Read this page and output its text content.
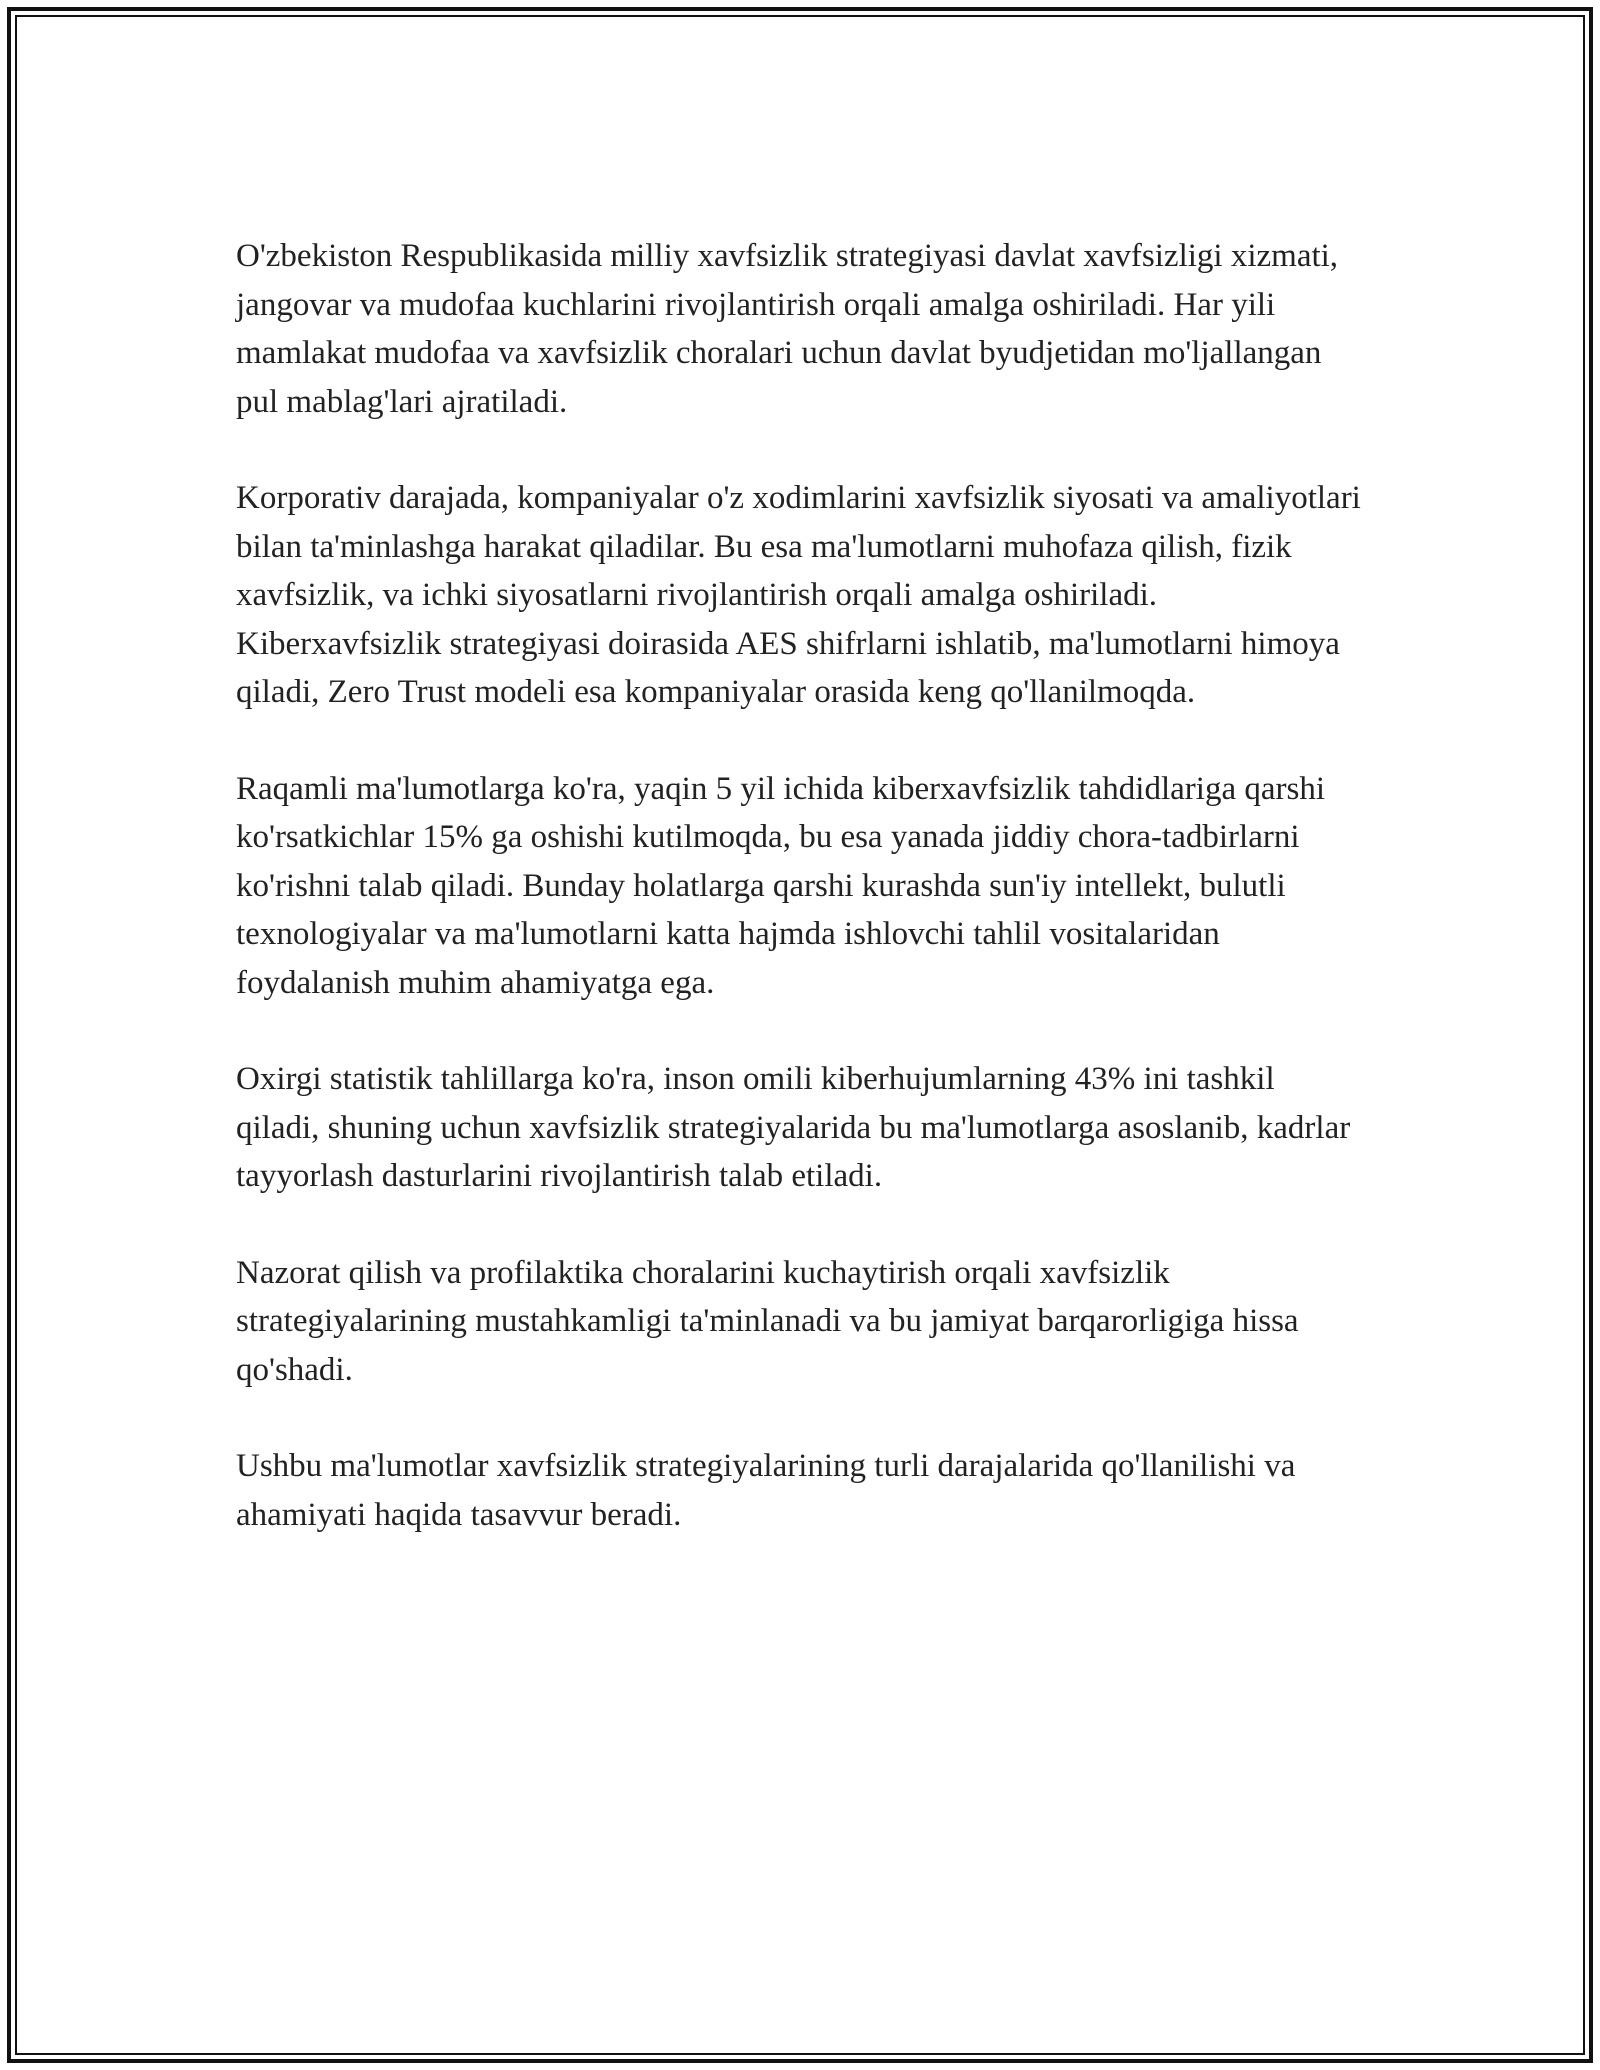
O'zbekiston Respublikasida milliy xavfsizlik strategiyasi davlat xavfsizligi xizmati, jangovar va mudofaa kuchlarini rivojlantirish orqali amalga oshiriladi. Har yili mamlakat mudofaa va xavfsizlik choralari uchun davlat byudjetidan mo'ljallangan pul mablag'lari ajratiladi.

Korporativ darajada, kompaniyalar o'z xodimlarini xavfsizlik siyosati va amaliyotlari bilan ta'minlashga harakat qiladilar. Bu esa ma'lumotlarni muhofaza qilish, fizik xavfsizlik, va ichki siyosatlarni rivojlantirish orqali amalga oshiriladi. Kiberxavfsizlik strategiyasi doirasida AES shifrlarni ishlatib, ma'lumotlarni himoya qiladi, Zero Trust modeli esa kompaniyalar orasida keng qo'llanilmoqda.

Raqamli ma'lumotlarga ko'ra, yaqin 5 yil ichida kiberxavfsizlik tahdidlariga qarshi ko'rsatkichlar 15% ga oshishi kutilmoqda, bu esa yanada jiddiy chora-tadbirlarni ko'rishni talab qiladi. Bunday holatlarga qarshi kurashda sun'iy intellekt, bulutli texnologiyalar va ma'lumotlarni katta hajmda ishlovchi tahlil vositalaridan foydalanish muhim ahamiyatga ega.

Oxirgi statistik tahlillarga ko'ra, inson omili kiberhujumlarning 43% ini tashkil qiladi, shuning uchun xavfsizlik strategiyalarida bu ma'lumotlarga asoslanib, kadrlar tayyorlash dasturlarini rivojlantirish talab etiladi.

Nazorat qilish va profilaktika choralarini kuchaytirish orqali xavfsizlik strategiyalarining mustahkamligi ta'minlanadi va bu jamiyat barqarorligiga hissa qo'shadi.

Ushbu ma'lumotlar xavfsizlik strategiyalarining turli darajalarida qo'llanilishi va ahamiyati haqida tasavvur beradi.
